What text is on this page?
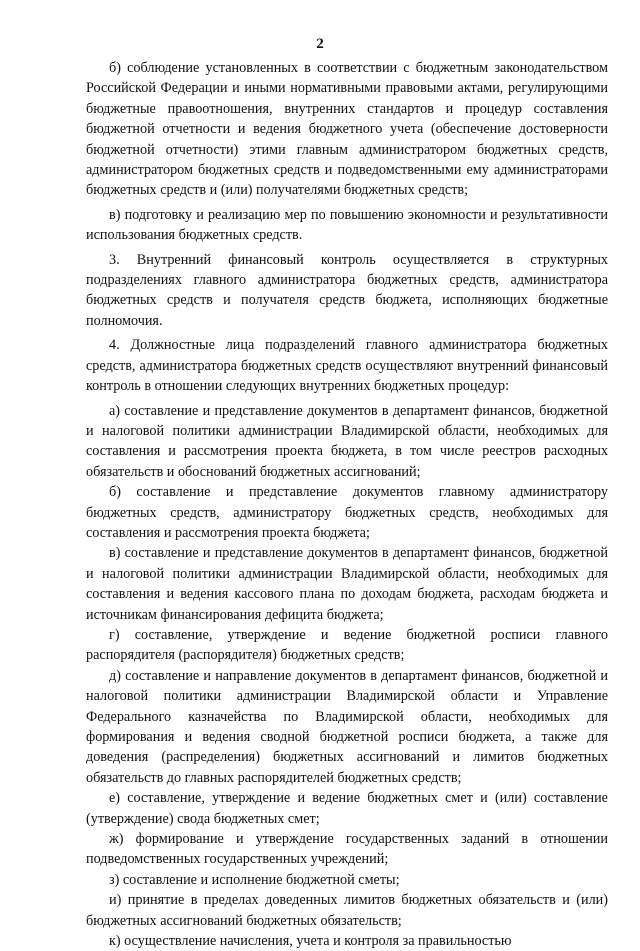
2

б) соблюдение установленных в соответствии с бюджетным законодательством Российской Федерации и иными нормативными правовыми актами, регулирующими бюджетные правоотношения, внутренних стандартов и процедур составления бюджетной отчетности и ведения бюджетного учета (обеспечение достоверности бюджетной отчетности) этими главным администратором бюджетных средств, администратором бюджетных средств и подведомственными ему администраторами бюджетных средств и (или) получателями бюджетных средств;

в) подготовку и реализацию мер по повышению экономности и результативности использования бюджетных средств.

3. Внутренний финансовый контроль осуществляется в структурных подразделениях главного администратора бюджетных средств, администратора бюджетных средств и получателя средств бюджета, исполняющих бюджетные полномочия.

4. Должностные лица подразделений главного администратора бюджетных средств, администратора бюджетных средств осуществляют внутренний финансовый контроль в отношении следующих внутренних бюджетных процедур:

а) составление и представление документов в департамент финансов, бюджетной и налоговой политики администрации Владимирской области, необходимых для составления и рассмотрения проекта бюджета, в том числе реестров расходных обязательств и обоснований бюджетных ассигнований;

б) составление и представление документов главному администратору бюджетных средств, администратору бюджетных средств, необходимых для составления и рассмотрения проекта бюджета;

в) составление и представление документов в департамент финансов, бюджетной и налоговой политики администрации Владимирской области, необходимых для составления и ведения кассового плана по доходам бюджета, расходам бюджета и источникам финансирования дефицита бюджета;

г) составление, утверждение и ведение бюджетной росписи главного распорядителя (распорядителя) бюджетных средств;

д) составление и направление документов в департамент финансов, бюджетной и налоговой политики администрации Владимирской области и Управление Федерального казначейства по Владимирской области, необходимых для формирования и ведения сводной бюджетной росписи бюджета, а также для доведения (распределения) бюджетных ассигнований и лимитов бюджетных обязательств до главных распорядителей бюджетных средств;

е) составление, утверждение и ведение бюджетных смет и (или) составление (утверждение) свода бюджетных смет;

ж) формирование и утверждение государственных заданий в отношении подведомственных государственных учреждений;

з) составление и исполнение бюджетной сметы;

и) принятие в пределах доведенных лимитов бюджетных обязательств и (или) бюджетных ассигнований бюджетных обязательств;

к) осуществление начисления, учета и контроля за правильностью
